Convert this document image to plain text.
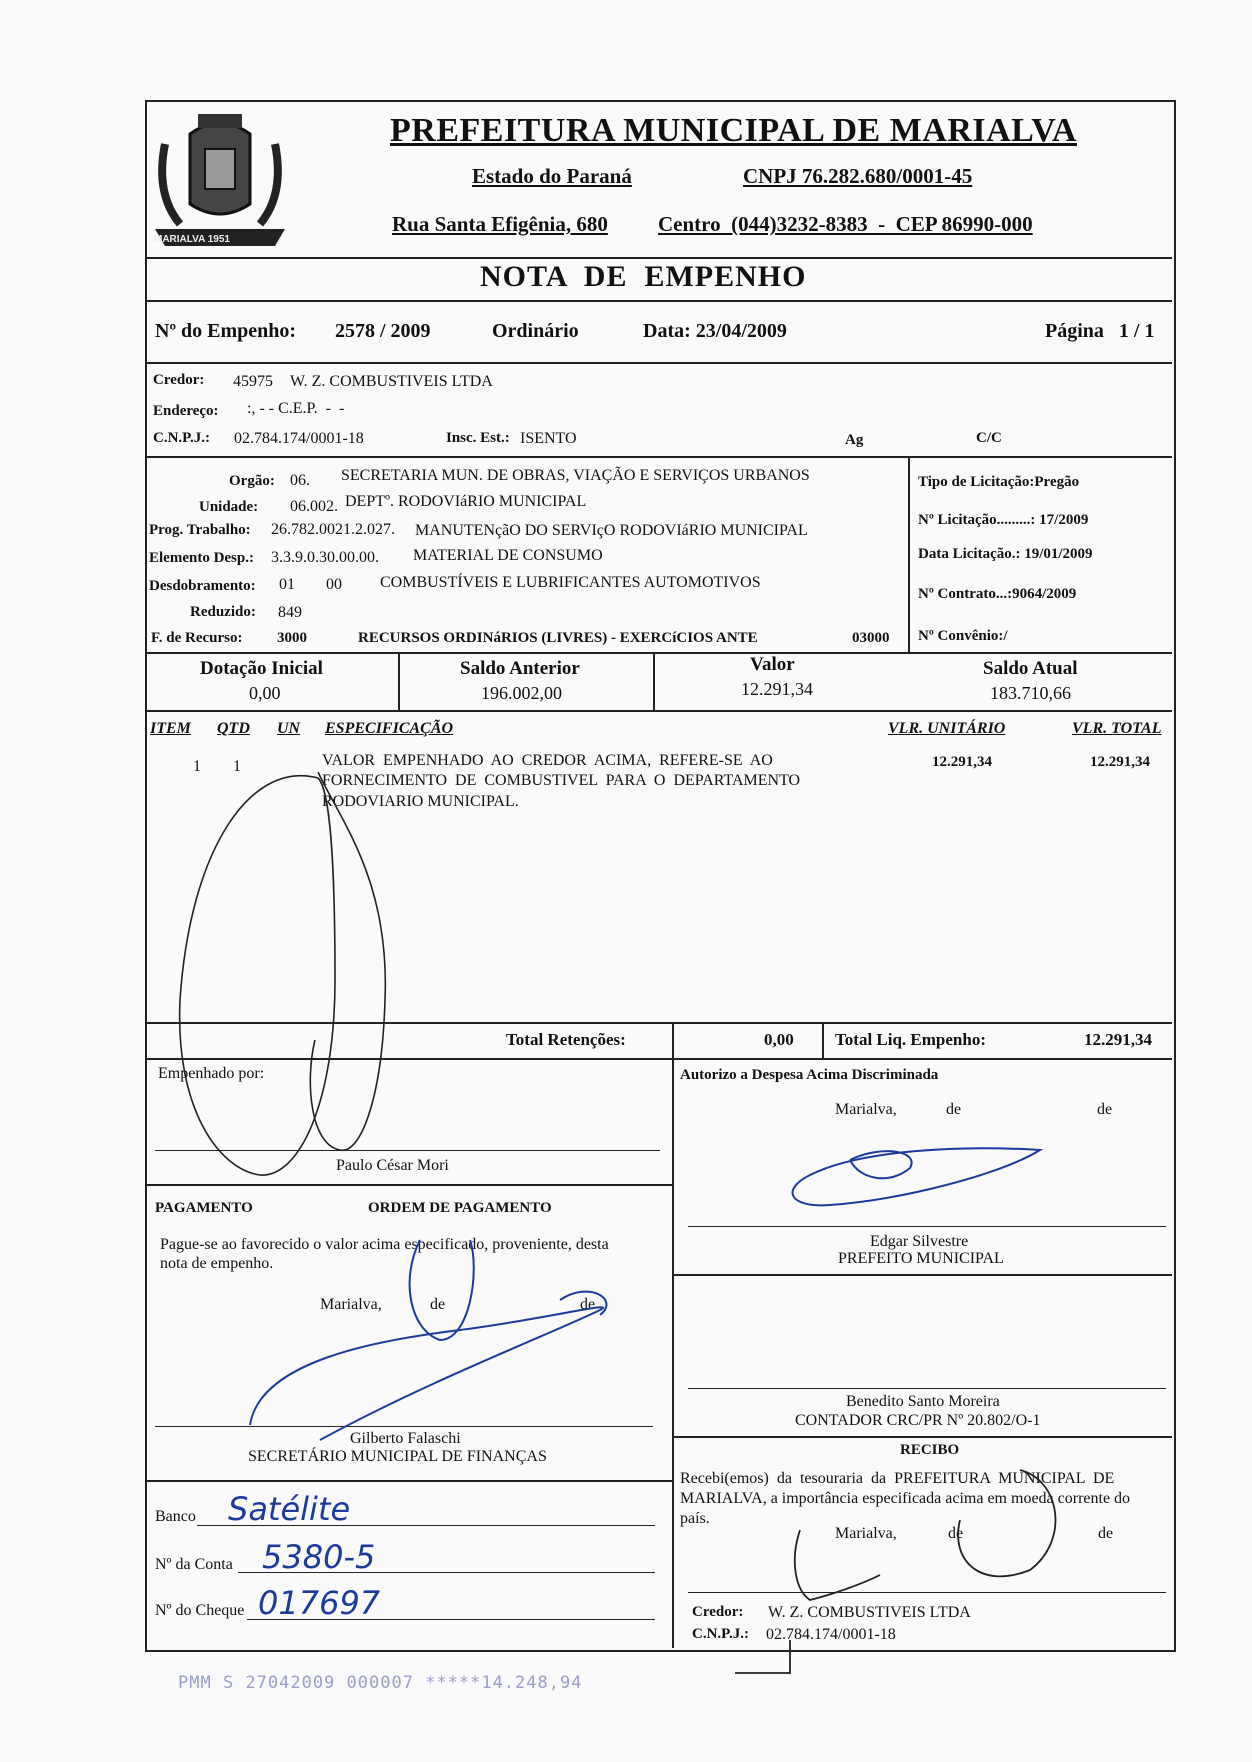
MARIALVA 1951
PREFEITURA MUNICIPAL DE MARIALVA
Estado do Paraná	CNPJ 76.282.680/0001-45
Rua Santa Efigênia, 680 Centro  (044)3232-8383  -  CEP 86990-000
NOTA  DE  EMPENHO
Nº do Empenho: 2578 / 2009	Ordinário	Data: 23/04/2009	Página   1 / 1
Credor: 45975 W. Z. COMBUSTIVEIS LTDA
Endereço: :, - - C.E.P.  -  -
C.N.P.J.: 02.784.174/0001-18	Insc. Est.: ISENTO	Ag	C/C
Orgão: 06. SECRETARIA MUN. DE OBRAS, VIAÇÃO E SERVIÇOS URBANOS
Unidade: 06.002. DEPTº. RODOVIáRIO MUNICIPAL
Prog. Trabalho: 26.782.0021.2.027. MANUTENçãO DO SERVIçO RODOVIáRIO MUNICIPAL
Elemento Desp.: 3.3.9.0.30.00.00. MATERIAL DE CONSUMO
Desdobramento: 01 00 COMBUSTÍVEIS E LUBRIFICANTES AUTOMOTIVOS
Reduzido: 849
F. de Recurso: 3000	RECURSOS ORDINáRIOS (LIVRES) - EXERCíCIOS ANTE	03000
Tipo de Licitação:Pregão
Nº Licitação.........: 17/2009
Data Licitação.: 19/01/2009
Nº Contrato...:9064/2009
Nº Convênio:/
Dotação Inicial
0,00
Saldo Anterior
196.002,00
Valor
12.291,34
Saldo Atual
183.710,66
ITEM QTD UN ESPECIFICAÇÃO	VLR. UNITÁRIO	VLR. TOTAL
1 1	VALOR  EMPENHADO  AO  CREDOR  ACIMA,  REFERE-SE  AO
FORNECIMENTO  DE  COMBUSTIVEL  PARA  O  DEPARTAMENTO
RODOVIARIO MUNICIPAL.
12.291,34	12.291,34
Total Retenções:	0,00 Total Liq. Empenho:	12.291,34
Empenhado por:
Paulo César Mori
Autorizo a Despesa Acima Discriminada
Marialva,	de	de
Edgar Silvestre
PREFEITO MUNICIPAL
PAGAMENTO	ORDEM DE PAGAMENTO
Pague-se ao favorecido o valor acima especificado, proveniente, desta
nota de empenho.
Marialva,	de	de
Gilberto Falaschi
SECRETÁRIO MUNICIPAL DE FINANÇAS
Benedito Santo Moreira
CONTADOR CRC/PR Nº 20.802/O-1
Banco Satélite
Nº da Conta 5380-5
Nº do Cheque 017697
RECIBO
Recebi(emos)  da  tesouraria  da  PREFEITURA  MUNICIPAL  DE
MARIALVA, a importância especificada acima em moeda corrente do
país.
Marialva,	de	de
Credor: W. Z. COMBUSTIVEIS LTDA
C.N.P.J.: 02.784.174/0001-18
PMM S 27042009 000007 *****14.248,94
